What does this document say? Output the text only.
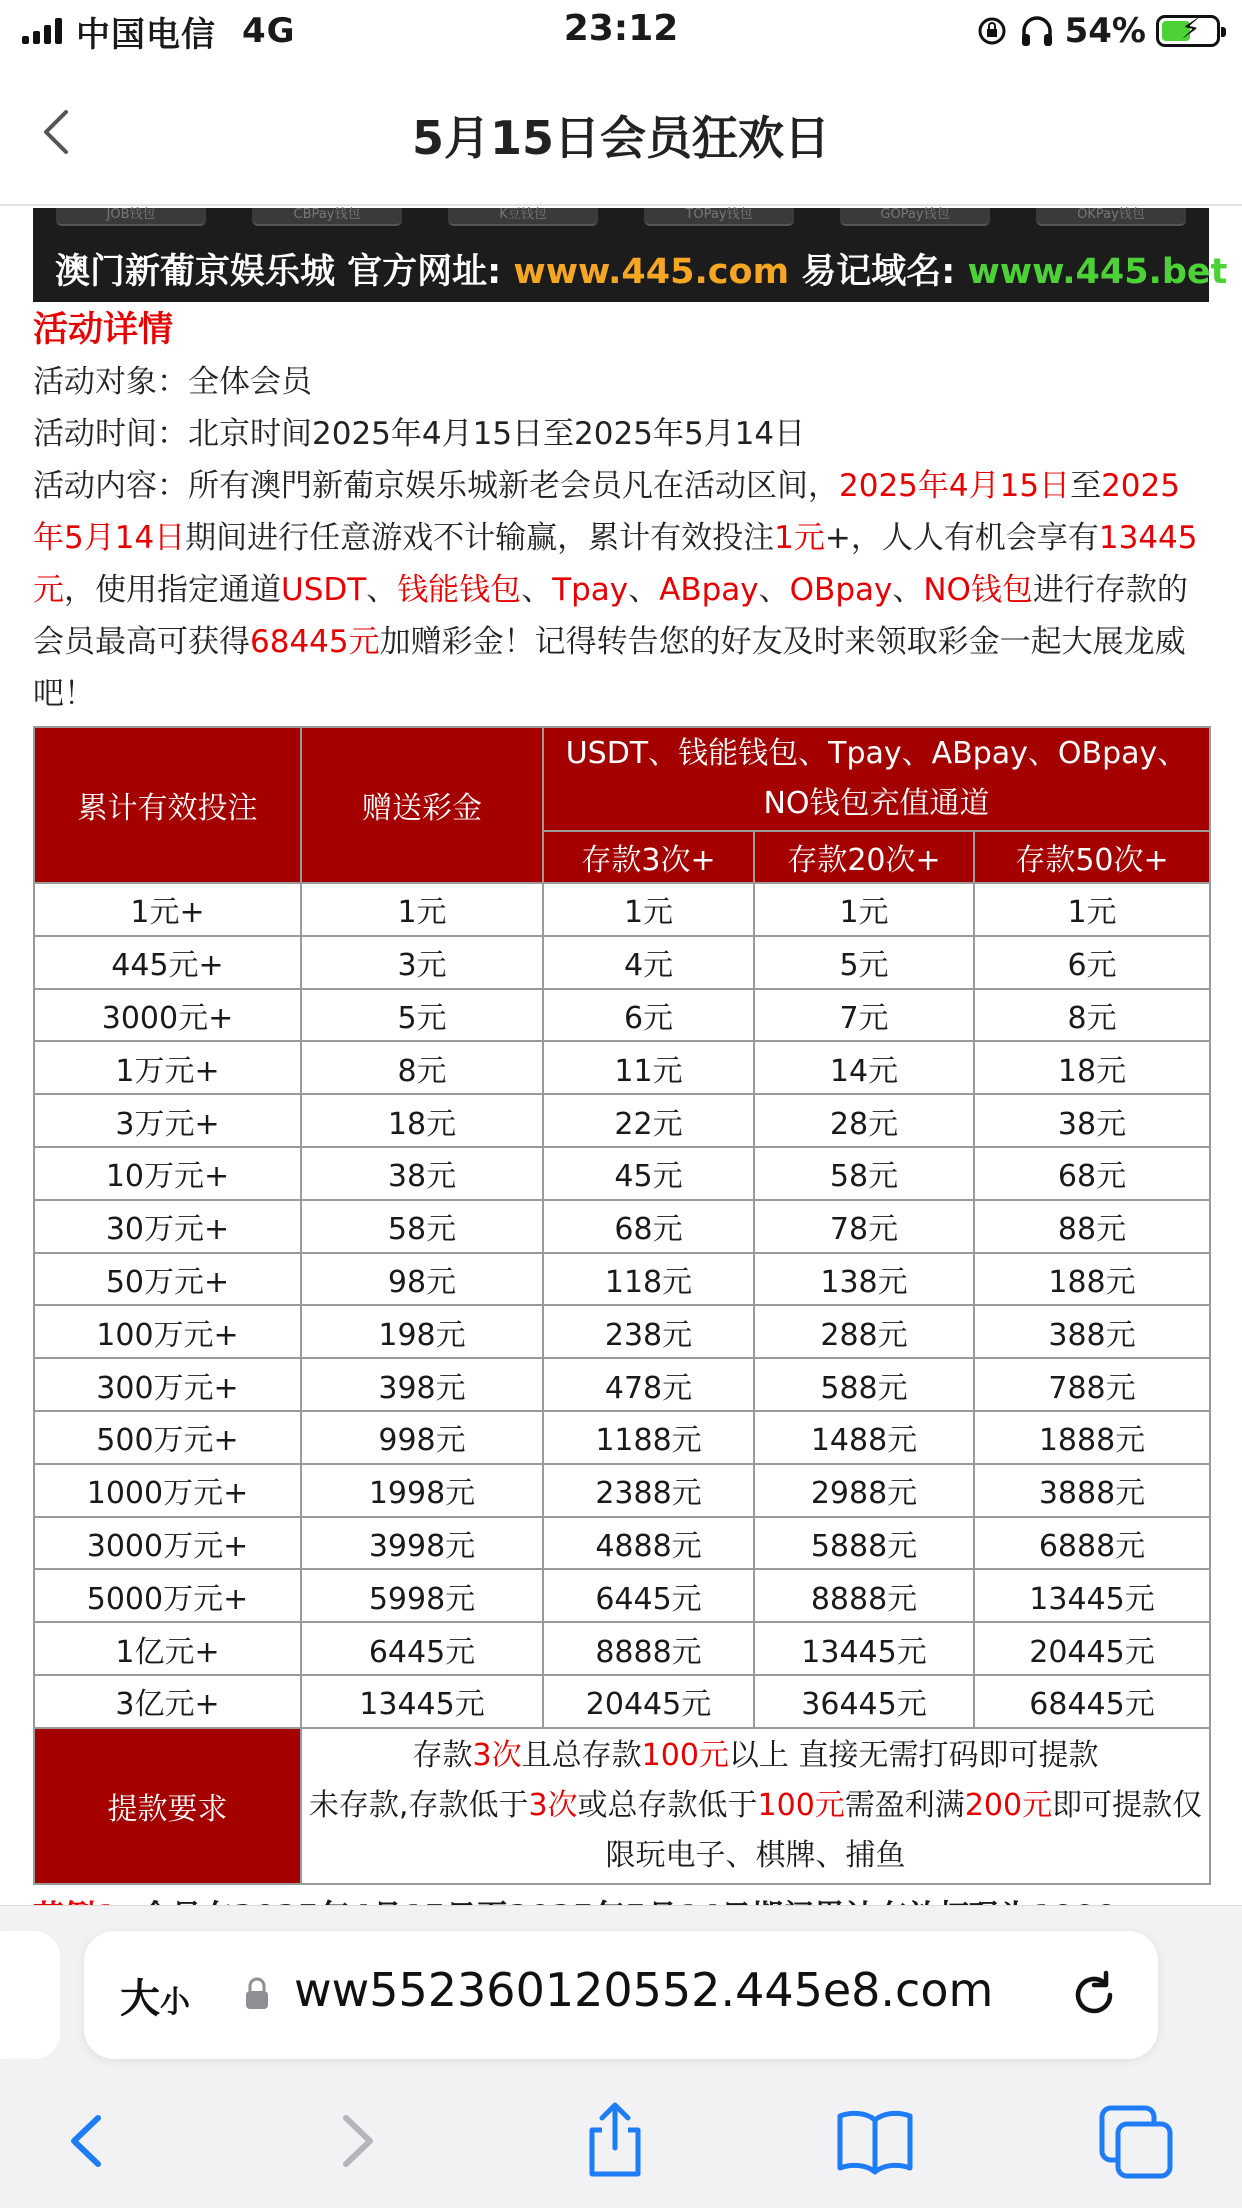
中国电信 4G	23:12	54% ⚡
5月15日会员狂欢日
JOB钱包	CBPay钱包	K豆钱包	TOPay钱包	GOPay钱包	OKPay钱包
澳门新葡京娱乐城 官方网址: www.445.com 易记域名: www.445.bet
活动详情
活动对象：全体会员
活动时间：北京时间2025年4月15日至2025年5月14日
活动内容：所有澳門新葡京娱乐城新老会员凡在活动区间，2025年4月15日至2025年5月14日期间进行任意游戏不计输赢，累计有效投注1元+，人人有机会享有13445元，使用指定通道USDT、钱能钱包、Tpay、ABpay、OBpay、NO钱包进行存款的会员最高可获得68445元加赠彩金！记得转告您的好友及时来领取彩金一起大展龙威吧！
累计有效投注	赠送彩金	USDT、钱能钱包、Tpay、ABpay、OBpay、NO钱包充值通道		
		存款3次+	存款20次+	存款50次+
1元+	1元	1元	1元	1元
445元+	3元	4元	5元	6元
3000元+	5元	6元	7元	8元
1万元+	8元	11元	14元	18元
3万元+	18元	22元	28元	38元
10万元+	38元	45元	58元	68元
30万元+	58元	68元	78元	88元
50万元+	98元	118元	138元	188元
100万元+	198元	238元	288元	388元
300万元+	398元	478元	588元	788元
500万元+	998元	1188元	1488元	1888元
1000万元+	1998元	2388元	2988元	3888元
3000万元+	3998元	4888元	5888元	6888元
5000万元+	5998元	6445元	8888元	13445元
1亿元+	6445元	8888元	13445元	20445元
3亿元+	13445元	20445元	36445元	68445元
提款要求	存款3次且总存款100元以上 直接无需打码即可提款
未存款,存款低于3次或总存款低于100元需盈利满200元即可提款仅限玩电子、棋牌、捕鱼			
大小 ww552360120552.445e8.com
